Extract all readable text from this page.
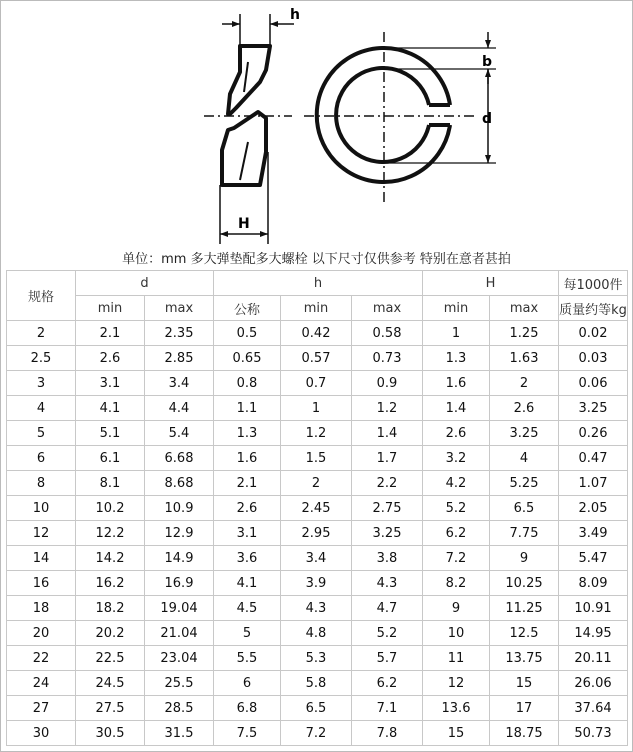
h
H
b
d
单位：mm 多大弹垫配多大螺栓 以下尺寸仅供参考 特别在意者甚拍
规格	d		h			H		每1000件
	min	max	公称	min	max	min	max	质量约等kg
2	2.1	2.35	0.5	0.42	0.58	1	1.25	0.02
2.5	2.6	2.85	0.65	0.57	0.73	1.3	1.63	0.03
3	3.1	3.4	0.8	0.7	0.9	1.6	2	0.06
4	4.1	4.4	1.1	1	1.2	1.4	2.6	3.25
5	5.1	5.4	1.3	1.2	1.4	2.6	3.25	0.26
6	6.1	6.68	1.6	1.5	1.7	3.2	4	0.47
8	8.1	8.68	2.1	2	2.2	4.2	5.25	1.07
10	10.2	10.9	2.6	2.45	2.75	5.2	6.5	2.05
12	12.2	12.9	3.1	2.95	3.25	6.2	7.75	3.49
14	14.2	14.9	3.6	3.4	3.8	7.2	9	5.47
16	16.2	16.9	4.1	3.9	4.3	8.2	10.25	8.09
18	18.2	19.04	4.5	4.3	4.7	9	11.25	10.91
20	20.2	21.04	5	4.8	5.2	10	12.5	14.95
22	22.5	23.04	5.5	5.3	5.7	11	13.75	20.11
24	24.5	25.5	6	5.8	6.2	12	15	26.06
27	27.5	28.5	6.8	6.5	7.1	13.6	17	37.64
30	30.5	31.5	7.5	7.2	7.8	15	18.75	50.73
